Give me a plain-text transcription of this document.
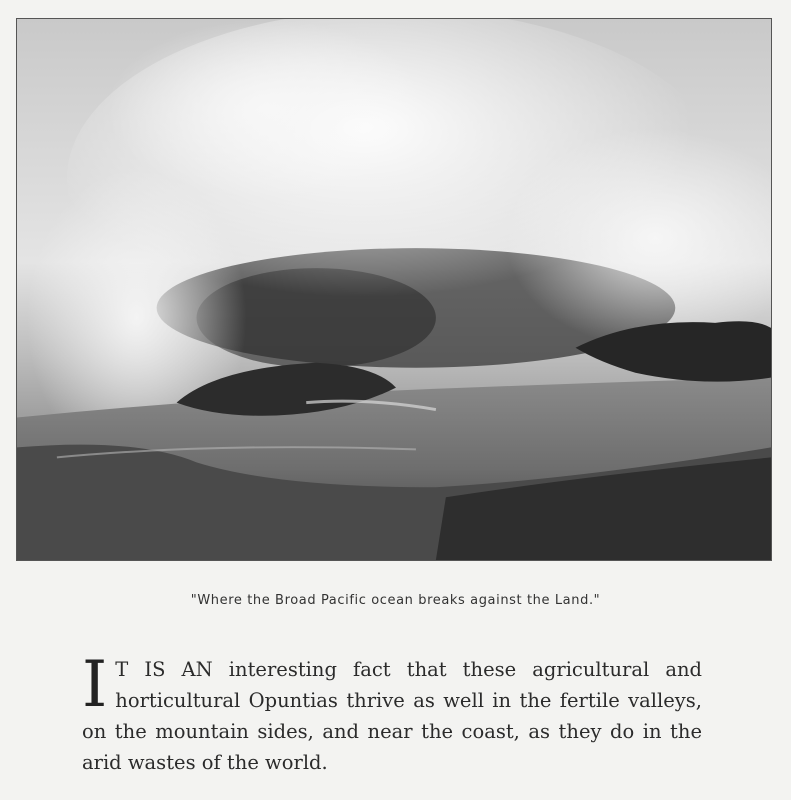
"Where the Broad Pacific ocean breaks against the Land."
I T IS AN interesting fact that these agricultural and horticultural Opuntias thrive as well in the fertile valleys, on the mountain sides, and near the coast, as they do in the arid wastes of the world.
